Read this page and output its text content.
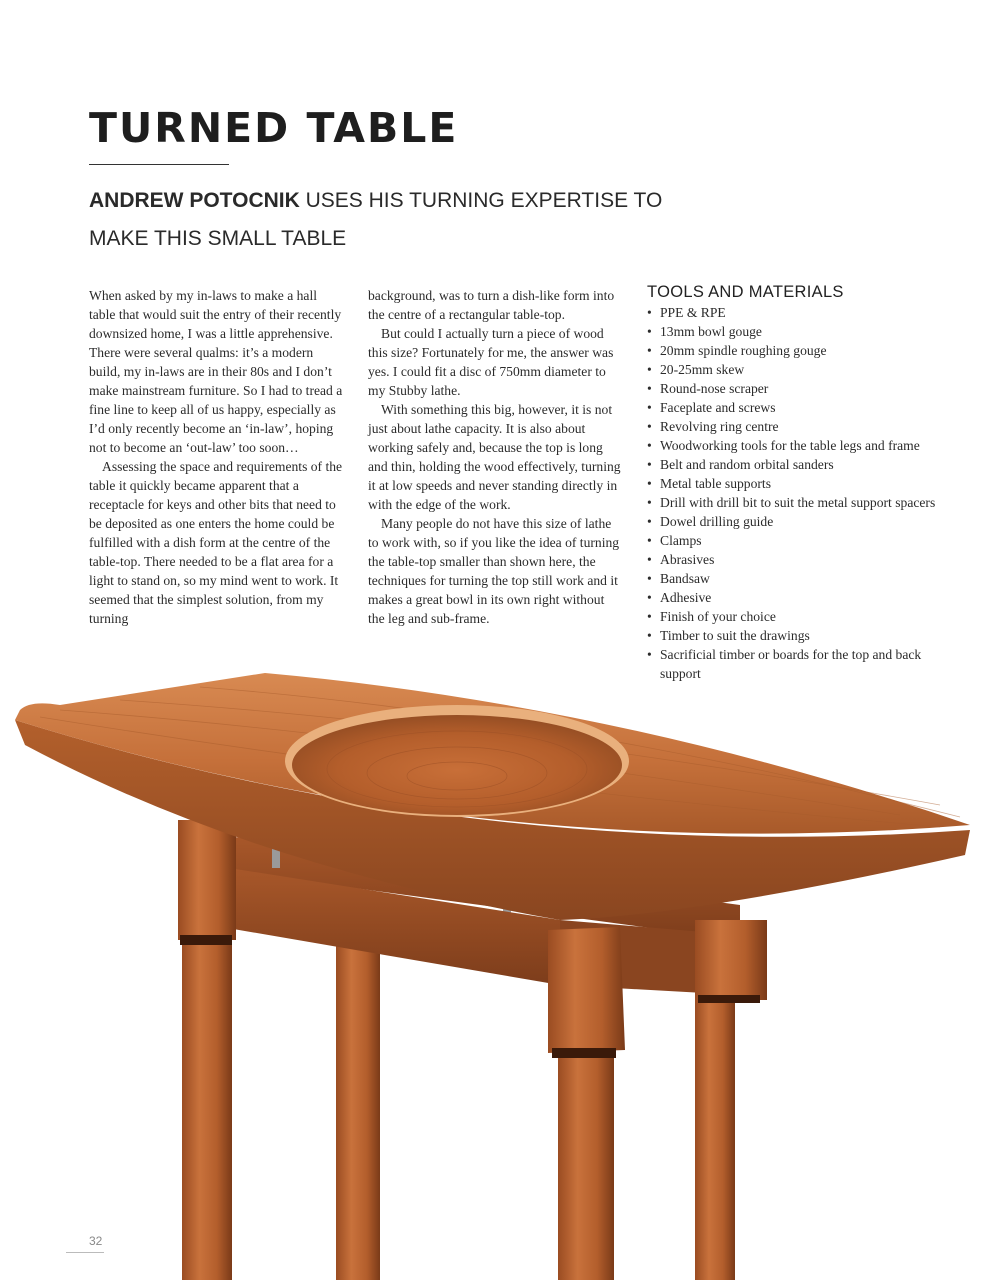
TURNED TABLE
ANDREW POTOCNIK USES HIS TURNING EXPERTISE TO MAKE THIS SMALL TABLE

When asked by my in-laws to make a hall table that would suit the entry of their recently downsized home, I was a little apprehensive. There were several qualms: it’s a modern build, my in-laws are in their 80s and I don’t make mainstream furniture. So I had to tread a fine line to keep all of us happy, especially as I’d only recently become an ‘in-law’, hoping not to become an ‘out-law’ too soon…

Assessing the space and requirements of the table it quickly became apparent that a receptacle for keys and other bits that need to be deposited as one enters the home could be fulfilled with a dish form at the centre of the table-top. There needed to be a flat area for a light to stand on, so my mind went to work. It seemed that the simplest solution, from my turning

background, was to turn a dish-like form into the centre of a rectangular table-top.

But could I actually turn a piece of wood this size? Fortunately for me, the answer was yes. I could fit a disc of 750mm diameter to my Stubby lathe.

With something this big, however, it is not just about lathe capacity. It is also about working safely and, because the top is long and thin, holding the wood effectively, turning it at low speeds and never standing directly in with the edge of the work.

Many people do not have this size of lathe to work with, so if you like the idea of turning the table-top smaller than shown here, the techniques for turning the top still work and it makes a great bowl in its own right without the leg and sub-frame.

TOOLS AND MATERIALS
• PPE & RPE
• 13mm bowl gouge
• 20mm spindle roughing gouge
• 20-25mm skew
• Round-nose scraper
• Faceplate and screws
• Revolving ring centre
• Woodworking tools for the table legs and frame
• Belt and random orbital sanders
• Metal table supports
• Drill with drill bit to suit the metal support spacers
• Dowel drilling guide
• Clamps
• Abrasives
• Bandsaw
• Adhesive
• Finish of your choice
• Timber to suit the drawings
• Sacrificial timber or boards for the top and back support
32
